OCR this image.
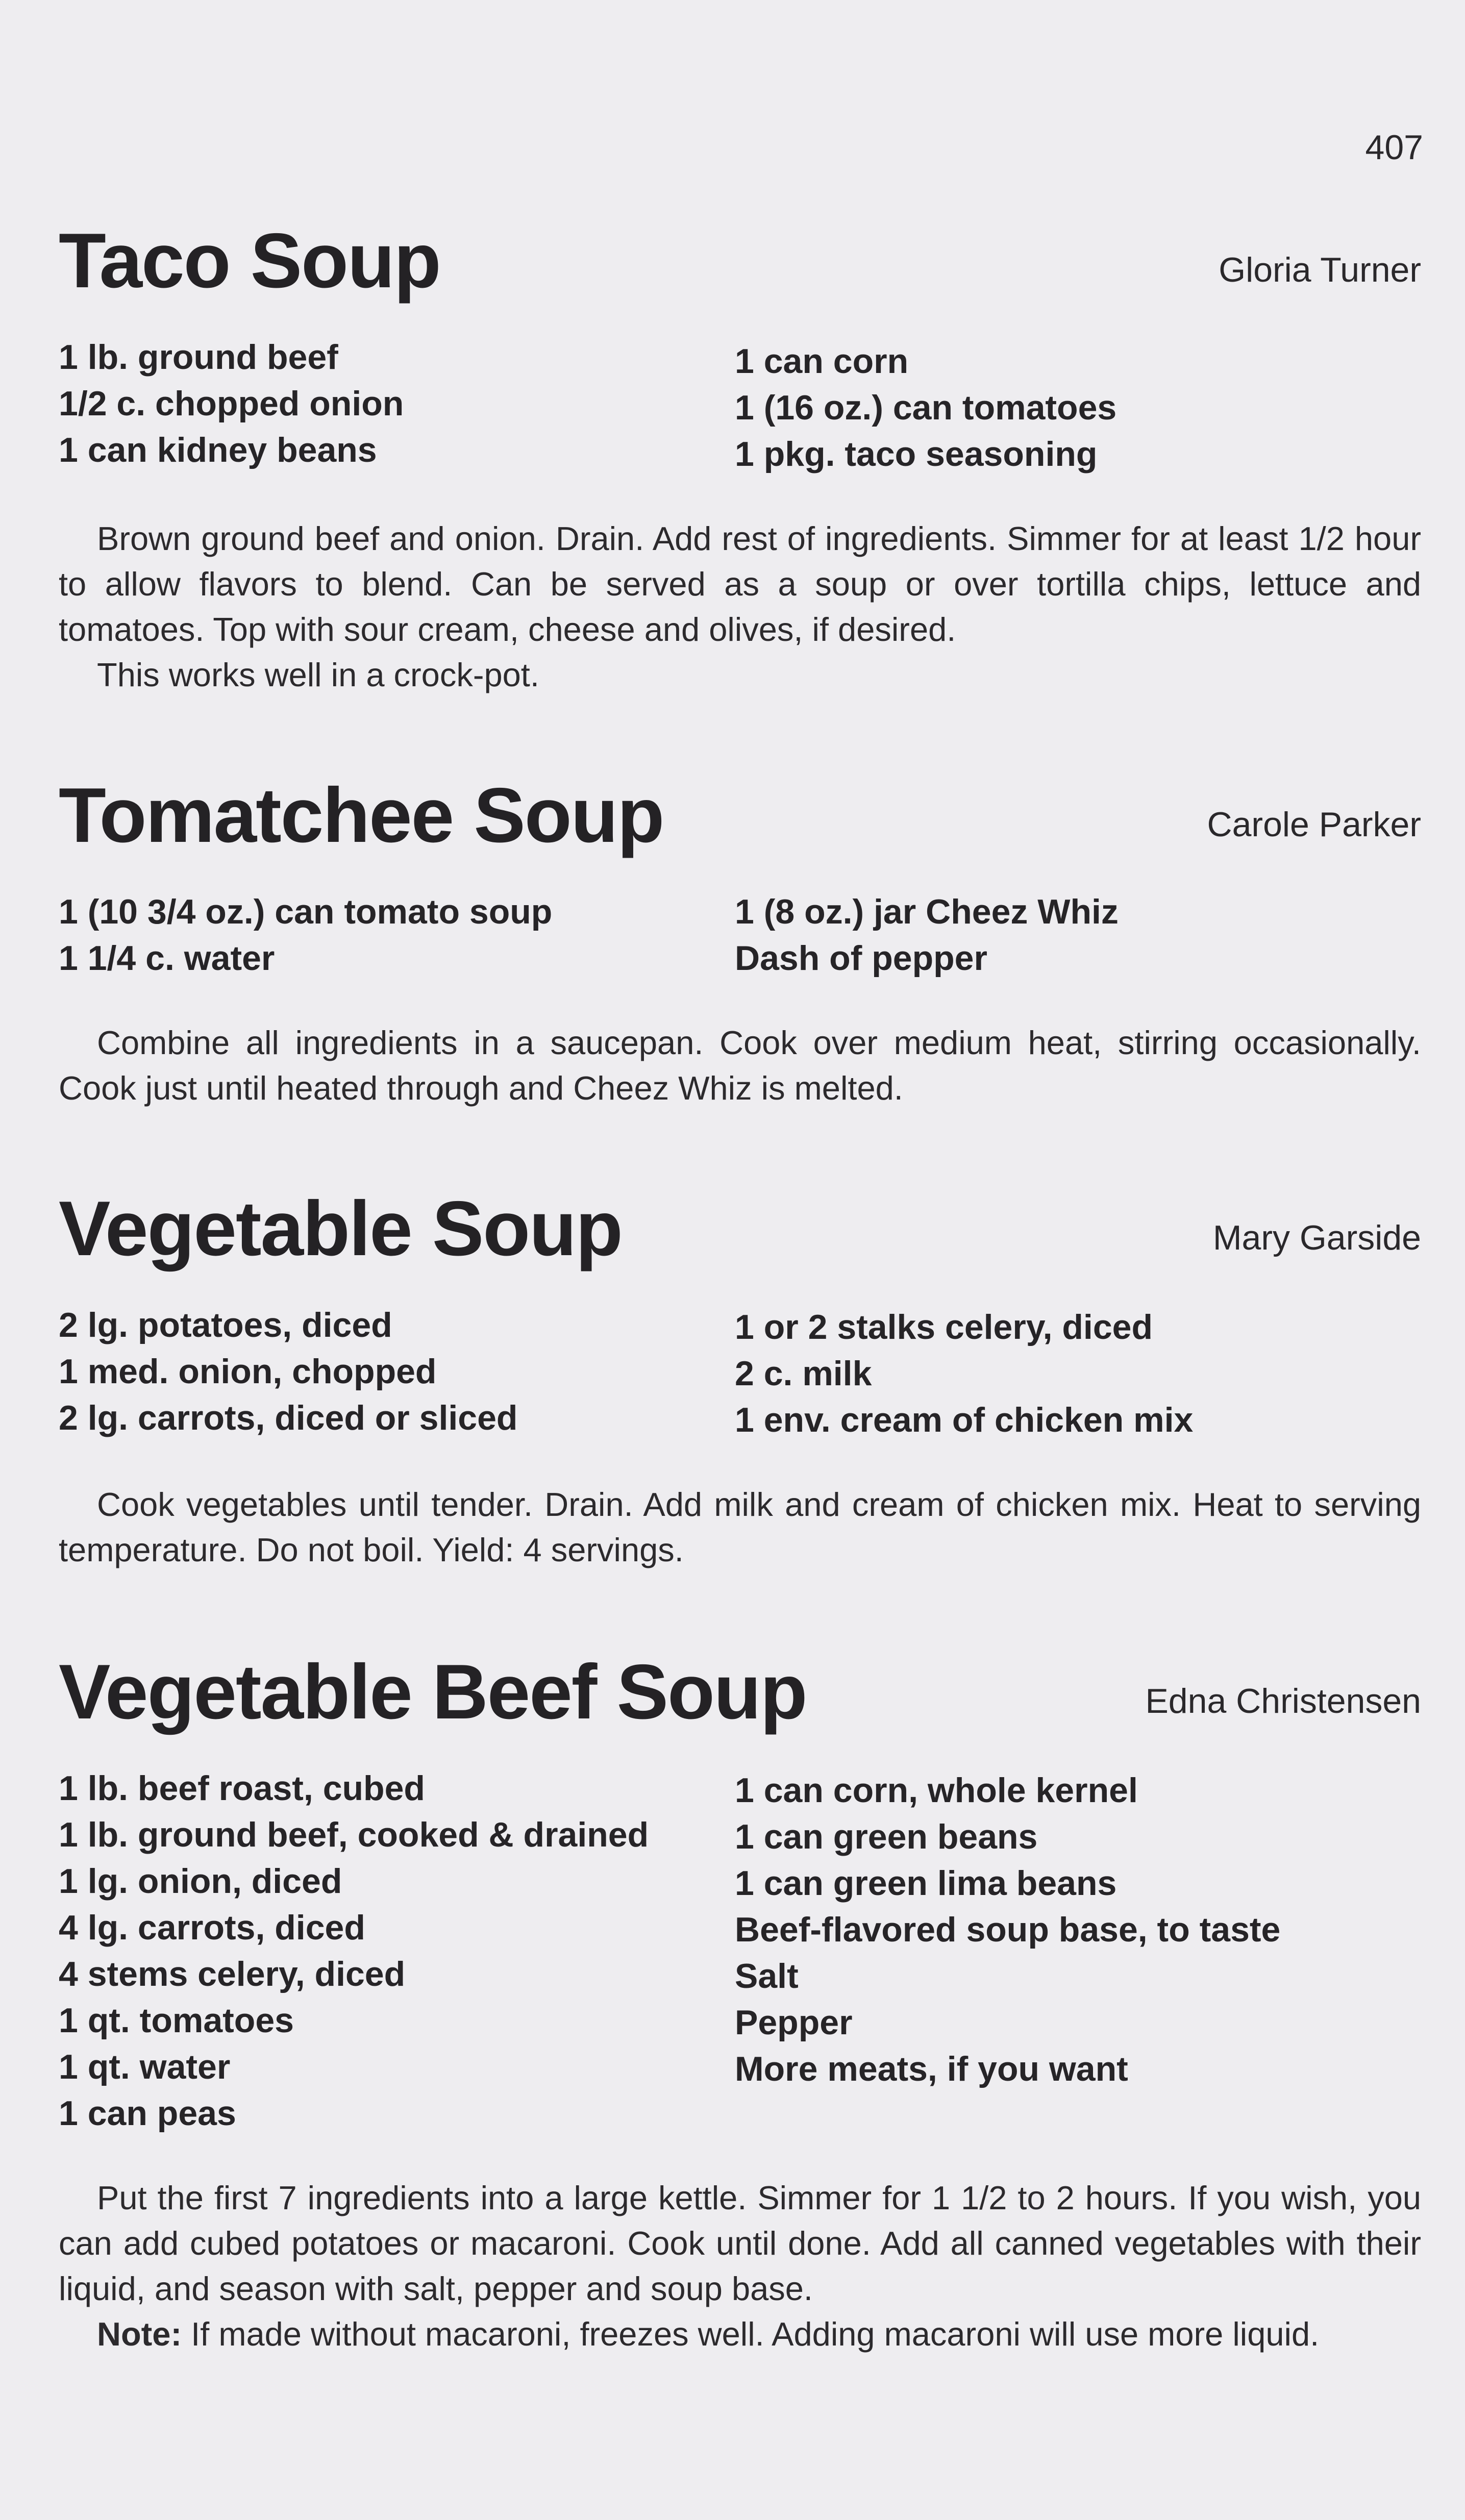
407
Taco Soup	Gloria Turner
1 lb. ground beef
1/2 c. chopped onion
1 can kidney beans
1 can corn
1 (16 oz.) can tomatoes
1 pkg. taco seasoning

Brown ground beef and onion. Drain. Add rest of ingredients. Simmer for at least 1/2 hour to allow flavors to blend. Can be served as a soup or over tortilla chips, lettuce and tomatoes. Top with sour cream, cheese and olives, if desired.

This works well in a crock-pot.

Tomatchee Soup	Carole Parker
1 (10 3/4 oz.) can tomato soup
1 1/4 c. water
1 (8 oz.) jar Cheez Whiz
Dash of pepper

Combine all ingredients in a saucepan. Cook over medium heat, stirring occasionally. Cook just until heated through and Cheez Whiz is melted.

Vegetable Soup	Mary Garside
2 lg. potatoes, diced
1 med. onion, chopped
2 lg. carrots, diced or sliced
1 or 2 stalks celery, diced
2 c. milk
1 env. cream of chicken mix

Cook vegetables until tender. Drain. Add milk and cream of chicken mix. Heat to serving temperature. Do not boil. Yield: 4 servings.

Vegetable Beef Soup	Edna Christensen
1 lb. beef roast, cubed
1 lb. ground beef, cooked & drained
1 lg. onion, diced
4 lg. carrots, diced
4 stems celery, diced
1 qt. tomatoes
1 qt. water
1 can peas
1 can corn, whole kernel
1 can green beans
1 can green lima beans
Beef-flavored soup base, to taste
Salt
Pepper
More meats, if you want

Put the first 7 ingredients into a large kettle. Simmer for 1 1/2 to 2 hours. If you wish, you can add cubed potatoes or macaroni. Cook until done. Add all canned vegetables with their liquid, and season with salt, pepper and soup base.

Note: If made without macaroni, freezes well. Adding macaroni will use more liquid.
